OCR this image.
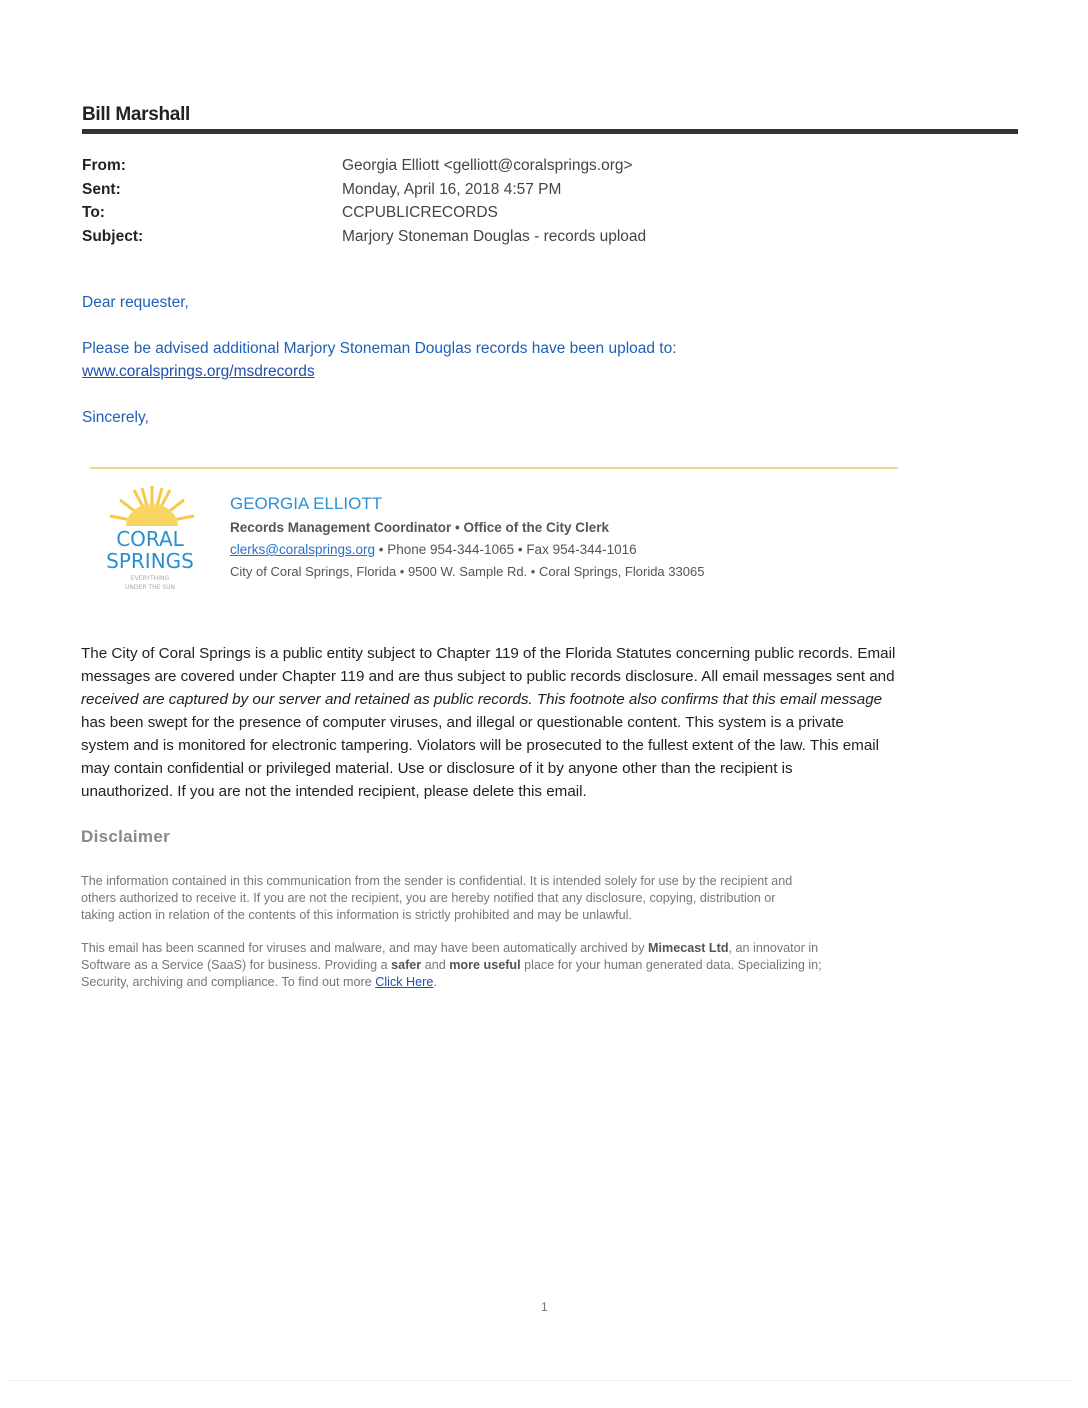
Bill Marshall
From:	Georgia Elliott <gelliott@coralsprings.org>
Sent:	Monday, April 16, 2018 4:57 PM
To:	CCPUBLICRECORDS
Subject:	Marjory Stoneman Douglas - records upload
Dear requester,
Please be advised additional Marjory Stoneman Douglas records have been upload to:
www.coralsprings.org/msdrecords
Sincerely,
CORAL
SPRINGS
EVERYTHING
UNDER THE SUN
GEORGIA ELLIOTT
Records Management Coordinator • Office of the City Clerk
clerks@coralsprings.org • Phone 954-344-1065 • Fax 954-344-1016
City of Coral Springs, Florida • 9500 W. Sample Rd. • Coral Springs, Florida 33065
The City of Coral Springs is a public entity subject to Chapter 119 of the Florida Statutes concerning public records. Email
messages are covered under Chapter 119 and are thus subject to public records disclosure. All email messages sent and
received are captured by our server and retained as public records. This footnote also confirms that this email message
has been swept for the presence of computer viruses, and illegal or questionable content. This system is a private
system and is monitored for electronic tampering. Violators will be prosecuted to the fullest extent of the law. This email
may contain confidential or privileged material. Use or disclosure of it by anyone other than the recipient is
unauthorized. If you are not the intended recipient, please delete this email.
Disclaimer
The information contained in this communication from the sender is confidential. It is intended solely for use by the recipient and
others authorized to receive it. If you are not the recipient, you are hereby notified that any disclosure, copying, distribution or
taking action in relation of the contents of this information is strictly prohibited and may be unlawful.
This email has been scanned for viruses and malware, and may have been automatically archived by Mimecast Ltd, an innovator in
Software as a Service (SaaS) for business. Providing a safer and more useful place for your human generated data. Specializing in;
Security, archiving and compliance. To find out more Click Here.
1
